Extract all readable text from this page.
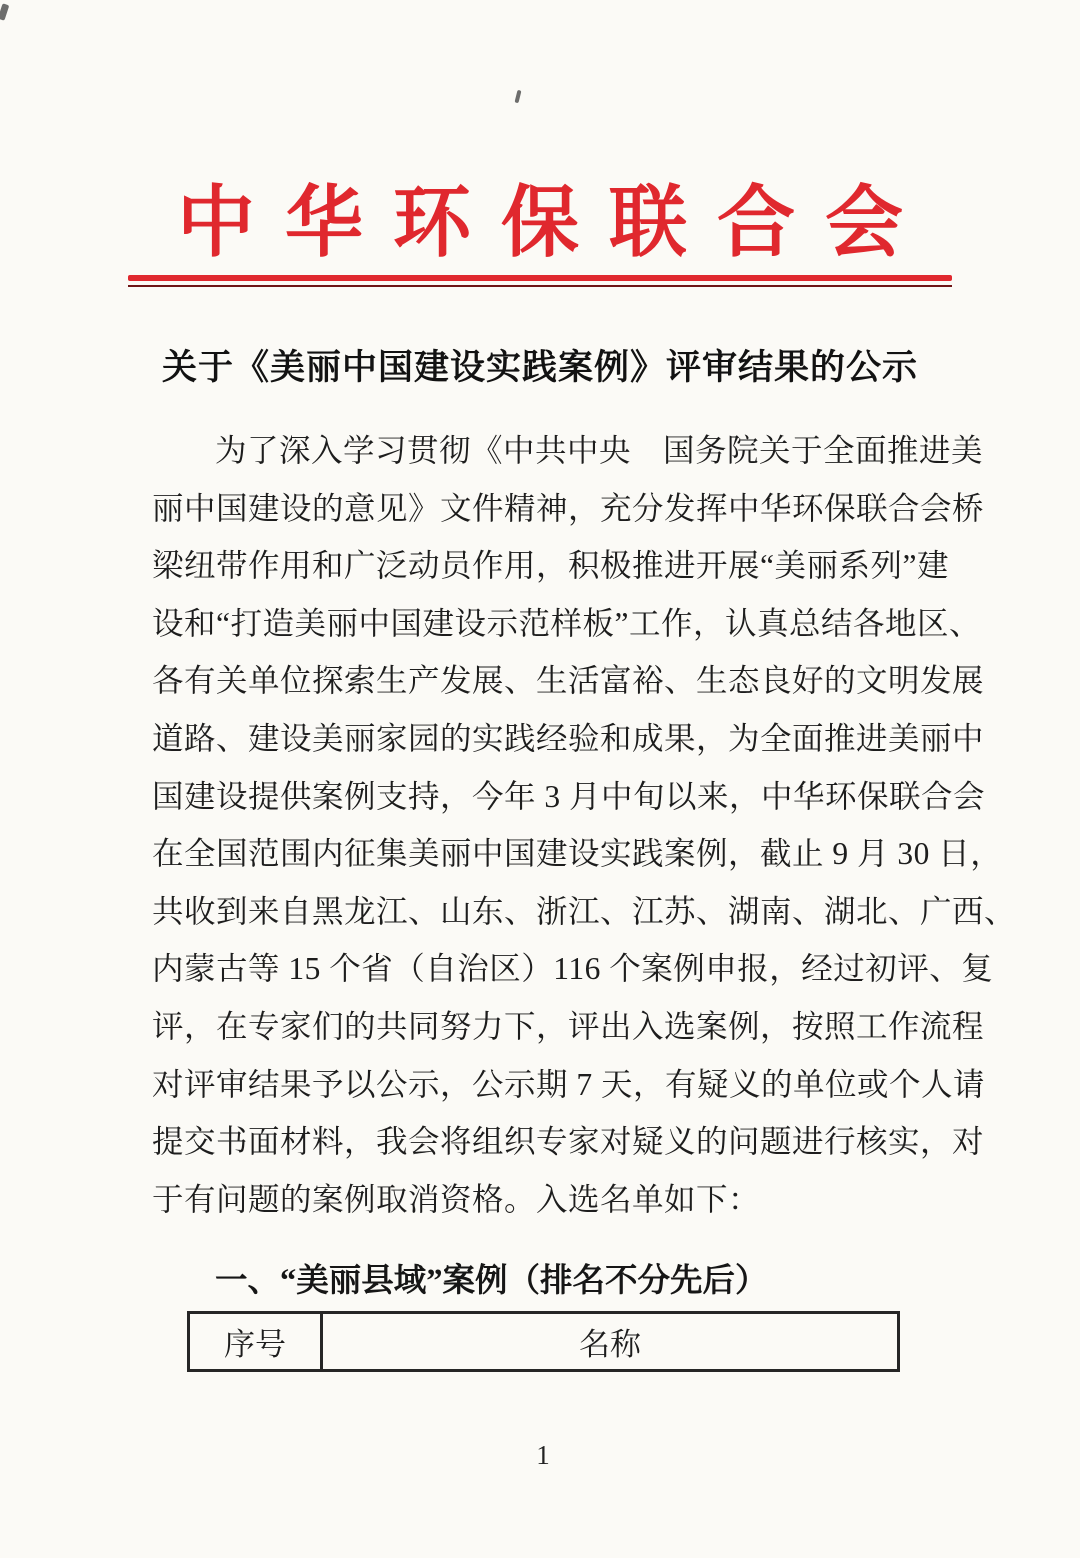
中华环保联合会
关于《美丽中国建设实践案例》评审结果的公示
为了深入学习贯彻《中共中央　国务院关于全面推进美
丽中国建设的意见》文件精神，充分发挥中华环保联合会桥
梁纽带作用和广泛动员作用，积极推进开展“美丽系列”建
设和“打造美丽中国建设示范样板”工作，认真总结各地区、
各有关单位探索生产发展、生活富裕、生态良好的文明发展
道路、建设美丽家园的实践经验和成果，为全面推进美丽中
国建设提供案例支持，今年 3 月中旬以来，中华环保联合会
在全国范围内征集美丽中国建设实践案例，截止 9 月 30 日，
共收到来自黑龙江、山东、浙江、江苏、湖南、湖北、广西、
内蒙古等 15 个省（自治区）116 个案例申报，经过初评、复
评，在专家们的共同努力下，评出入选案例，按照工作流程
对评审结果予以公示，公示期 7 天，有疑义的单位或个人请
提交书面材料，我会将组织专家对疑义的问题进行核实，对
于有问题的案例取消资格。入选名单如下：
一、“美丽县域”案例（排名不分先后）
序号	名称
1
